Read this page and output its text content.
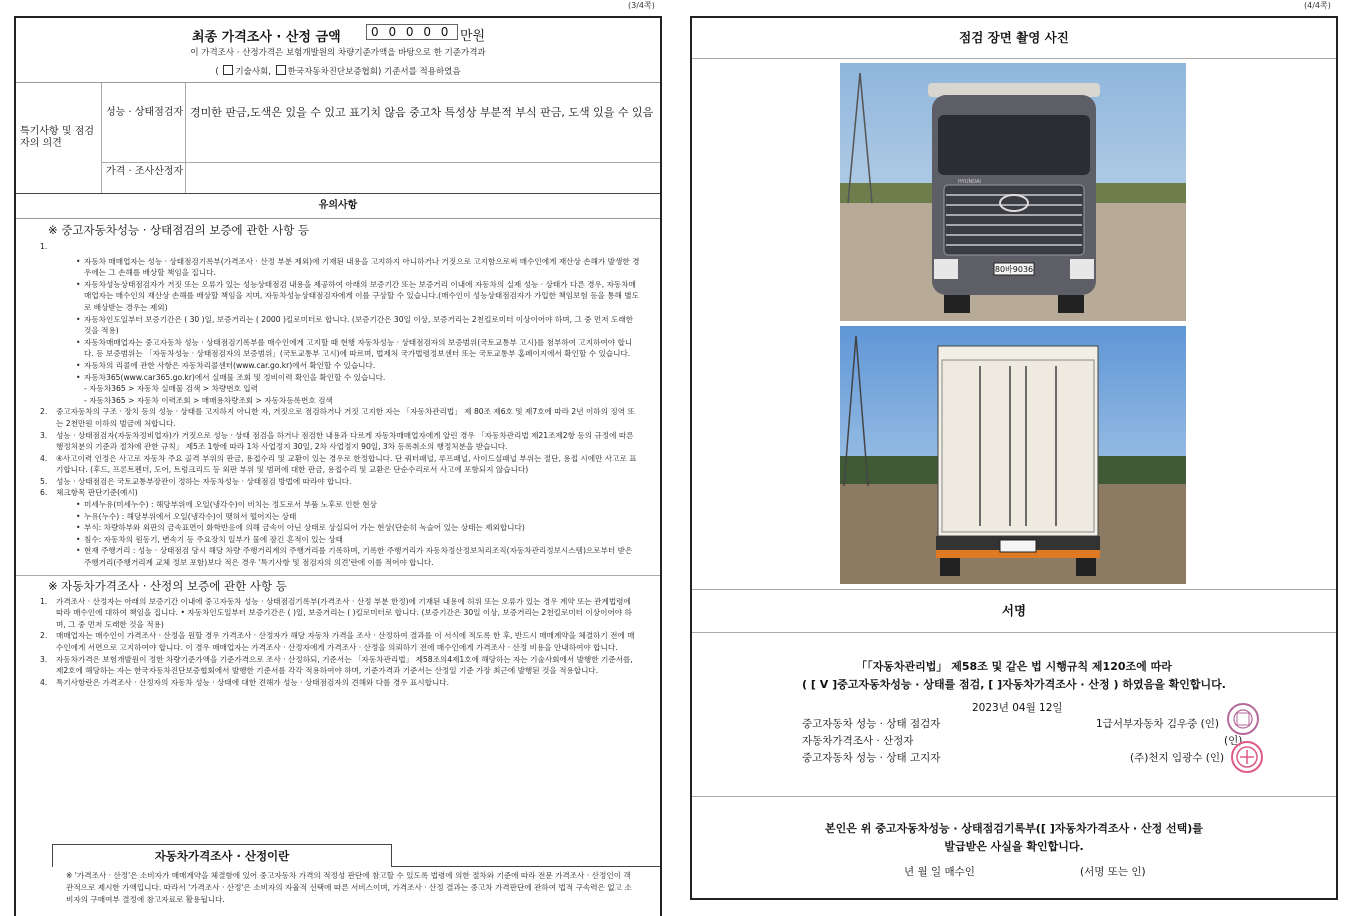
(3/4쪽)	(4/4쪽)
최종 가격조사 · 산정 금액	0 0 0 0 0 만원
이 가격조사 · 산정가격은 보험개발원의 차량기준가액을 바탕으로 한 기준가격과
( 기술사회, 한국자동차진단보증협회) 기준서를 적용하였음
특기사항 및 점검자의 의견
성능 · 상태점검자 경미한 판금,도색은 있을 수 있고 표기치 않음 중고차 특성상 부분적 부식 판금, 도색 있을 수 있음
가격 · 조사산정자
유의사항
※ 중고자동차성능 · 상태점검의 보증에 관한 사항 등
1.
• 자동차 매매업자는 성능 · 상태점검기록부(가격조사 · 산정 부분 제외)에 기재된 내용을 고지하지 아니하거나 거짓으로 고지함으로써 매수인에게 재산상 손해가 발생한 경우에는 그 손해를 배상할 책임을 집니다.
• 자동차성능상태점검자가 거짓 또는 오류가 있는 성능상태점검 내용을 제공하여 아래의 보증기간 또는 보증거리 이내에 자동차의 실제 성능 · 상태가 다른 경우, 자동차매매업자는 매수인의 재산상 손해를 배상할 책임을 지며, 자동차성능상태점검자에게 이를 구상할 수 있습니다.(매수인이 성능상태점검자가 가입한 책임보험 등을 통해 별도로 배상받는 경우는 제외)
• 자동차인도일부터 보증기간은 ( 30 )일, 보증거리는 ( 2000 )킬로미터로 합니다. (보증기간은 30일 이상, 보증거리는 2천킬로미터 이상이어야 하며, 그 중 먼저 도래한 것을 적용)
• 자동차매매업자는 중고자동차 성능 · 상태점검기록부를 매수인에게 고지할 때 현행 자동차성능 · 상태점검자의 보증범위(국토교통부 고시)를 첨부하여 고지하여야 합니다. 등 보증범위는 「자동차성능 · 상태점검자의 보증범위」(국토교통부 고시)에 따르며, 법제처 국가법령정보센터 또는 국토교통부 홈페이지에서 확인할 수 있습니다.
• 자동차의 리콜에 관한 사항은 자동차리콜센터(www.car.go.kr)에서 확인할 수 있습니다.
• 자동차365(www.car365.go.kr)에서 실매물 조회 및 정비이력 확인을 확인할 수 있습니다.
- 자동차365 > 자동차 실매물 검색 > 차량번호 입력
- 자동차365 > 자동차 이력조회 > 매매용차량조회 > 자동차등록번호 검색
2. 중고자동차의 구조 · 장치 등의 성능 · 상태를 고지하지 아니한 자, 거짓으로 점검하거나 거짓 고지한 자는 「자동차관리법」 제 80조 제6호 및 제7호에 따라 2년 이하의 징역 또는 2천만원 이하의 벌금에 처합니다.
3. 성능 · 상태점검자(자동차정비업자)가 거짓으로 성능 · 상태 점검을 하거나 점검한 내용과 다르게 자동차매매업자에게 알린 경우 「자동차관리법 제21조제2항 등의 규정에 따른 행정처분의 기준과 절차에 관한 규칙」 제5조 1항에 따라 1차 사업정지 30일, 2차 사업정지 90일, 3차 등록취소의 행정처분을 받습니다.
4. ④사고이력 인정은 사고로 자동차 주요 골격 부위의 판금, 용접수리 및 교환이 있는 경우로 한정합니다. 단 쿼터패널, 루프패널, 사이드실패널 부위는 절단, 용접 시에만 사고로 표기합니다. (후드, 프론트펜더, 도어, 트렁크리드 등 외판 부위 및 범퍼에 대한 판금, 용접수리 및 교환은 단순수리로서 사고에 포함되지 않습니다)
5. 성능 · 상태점검은 국토교통부장관이 정하는 자동차성능 · 상태점검 방법에 따라야 합니다.
6. 체크항목 판단기준(예시)
• 미세누유(미세누수) : 해당부위에 오일(냉각수)이 비치는 정도로서 부품 노후로 인한 현상
• 누유(누수) : 해당부위에서 오일(냉각수)이 맺혀서 떨어지는 상태
• 부식: 차량하부와 외판의 금속표면이 화학반응에 의해 금속이 아닌 상태로 상실되어 가는 현상(단순히 녹슬어 있는 상태는 제외합니다)
• 침수: 자동차의 원동기, 변속기 등 주요장치 일부가 물에 잠긴 흔적이 있는 상태
• 현재 주행거리 : 성능 · 상태점검 당시 해당 차량 주행거리계의 주행거리를 기록하며, 기록한 주행거리가 자동차정산정보처리조직(자동차관리정보시스템)으로부터 받은 주행거리(주행거리계 교체 정보 포함)보다 적은 경우 '특기사항 및 점검자의 의견'란에 이를 적어야 합니다.
※ 자동차가격조사 · 산정의 보증에 관한 사항 등
1. 가격조사 · 산정자는 아래의 보증기간 이내에 중고자동차 성능 · 상태점검기록부(가격조사 · 산정 부분 한정)에 기재된 내용에 허위 또는 오류가 있는 경우 계약 또는 관계법령에 따라 매수인에 대하여 책임을 집니다. • 자동차인도일부터 보증기간은 ( )일, 보증거리는 ( )킬로미터로 합니다. (보증기간은 30일 이상, 보증거리는 2천킬로미터 이상이어야 하며, 그 중 먼저 도래한 것을 적용)
2. 매매업자는 매수인이 가격조사 · 산정을 원할 경우 가격조사 · 산정자가 해당 자동차 가격을 조사 · 산정하여 결과를 이 서식에 적도록 한 후, 반드시 매매계약을 체결하기 전에 매수인에게 서면으로 고지하여야 합니다. 이 경우 매매업자는 가격조사 · 산정자에게 가격조사 · 산정을 의뢰하기 전에 매수인에게 가격조사 · 산정 비용을 안내하여야 합니다.
3. 자동차가격은 보험개발원이 정한 차량기준가액을 기준가격으로 조사 · 산정하되, 기준서는 「자동차관리법」 제58조의4제1호에 해당하는 자는 기술사회에서 발행한 기준서를, 제2호에 해당하는 자는 한국자동차진단보증협회에서 발행한 기준서를 각각 적용하여야 하며, 기준가격과 기준서는 산정일 기준 가장 최근에 발행된 것을 적용합니다.
4. 특기사항란은 가격조사 · 산정자의 자동차 성능 · 상태에 대한 견해가 성능 · 상태점검자의 견해와 다를 경우 표시합니다.
자동차가격조사 · 산정이란
※ '가격조사 · 산정'은 소비자가 매매계약을 체결함에 있어 중고자동차 가격의 적정성 판단에 참고할 수 있도록 법령에 의한 절차와 기준에 따라 전문 가격조사 · 산정인이 객관적으로 제시한 가액입니다. 따라서 '가격조사 · 산정'은 소비자의 자율적 선택에 따른 서비스이며, 가격조사 · 산정 결과는 중고차 가격판단에 관하여 법적 구속력은 없고 소비자의 구매여부 결정에 참고자료로 활용됩니다.
점검 장면 촬영 사진
80바9036
HYUNDAI
서명
「「자동차관리법」 제58조 및 같은 법 시행규칙 제120조에 따라
( [ V ]중고자동차성능 · 상태를 점검, [ ]자동차가격조사 · 산정 ) 하였음을 확인합니다.
2023년 04월 12일
중고자동차 성능 · 상태 점검자	1급서부자동차 김우중 (인)
자동차가격조사 · 산정자	(인)
중고자동차 성능 · 상태 고지자	(주)천지 임광수 (인)
본인은 위 중고자동차성능 · 상태점검기록부([ ]자동차가격조사 · 산정 선택)를
발급받은 사실을 확인합니다.
년 월 일 매수인	(서명 또는 인)
